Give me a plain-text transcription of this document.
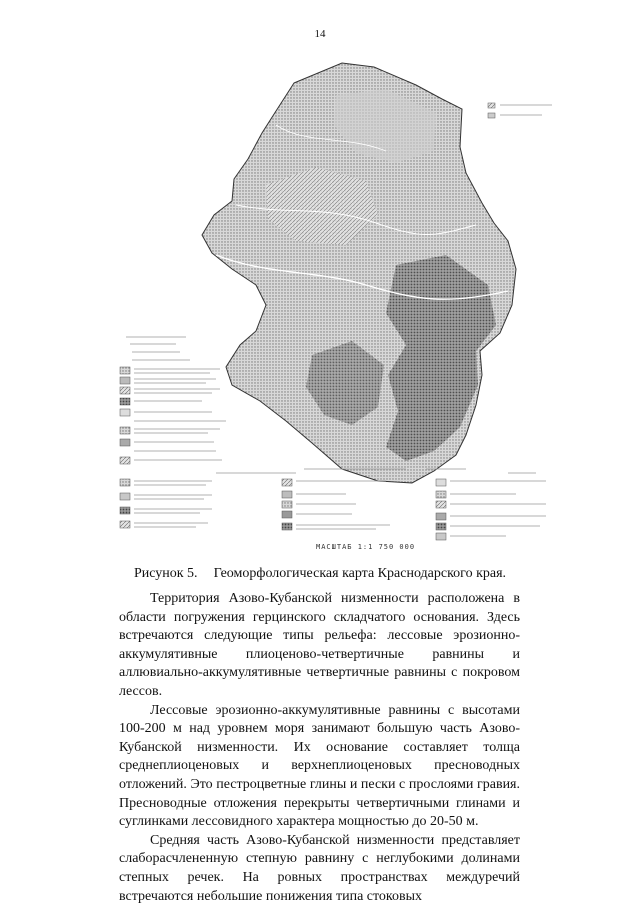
14
МАСШТАБ 1:1 750 000
Рисунок 5. Геоморфологическая карта Краснодарского края.

Территория Азово-Кубанской низменности расположена в области погружения герцинского складчатого основания. Здесь встречаются следующие типы рельефа: лессовые эрозионно-аккумулятивные плиоценово-четвертичные равнины и аллювиально-аккумулятивные четвертичные равнины с покровом лессов.

Лессовые эрозионно-аккумулятивные равнины с высотами 100-200 м над уровнем моря занимают большую часть Азово-Кубанской низменности. Их основание составляет толща среднеплиоценовых и верхнеплиоценовых пресноводных отложений. Это пестроцветные глины и пески с прослоями гравия. Пресноводные отложения перекрыты четвертичными глинами и суглинками лессовидного характера мощностью до 20-50 м.

Средняя часть Азово-Кубанской низменности представляет слаборасчлененную степную равнину с неглубокими долинами степных речек. На ровных пространствах междуречий встречаются небольшие понижения типа стоковых
